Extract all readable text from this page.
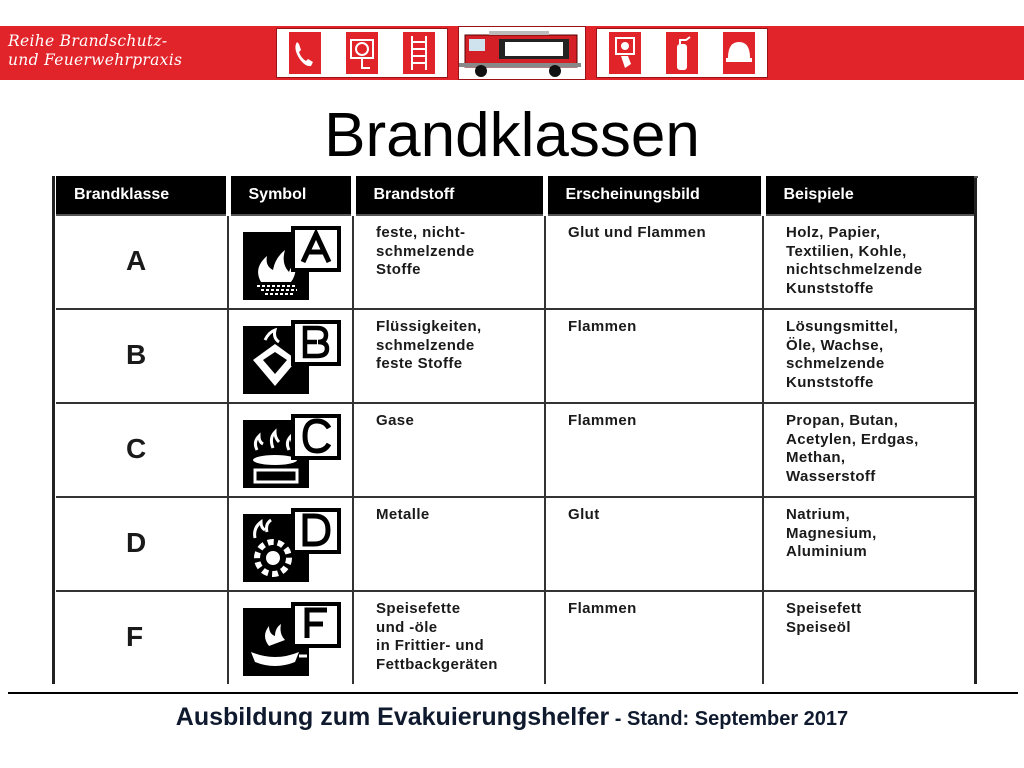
Reihe Brandschutz-
und Feuerwehrpraxis
Brandklassen
Brandklasse	Symbol	Brandstoff	Erscheinungsbild	Beispiele

A		feste, nicht-
schmelzende
Stoffe	Glut und Flammen	Holz, Papier,
Textilien, Kohle,
nichtschmelzende
Kunststoffe

B		Flüssigkeiten,
schmelzende
feste Stoffe	Flammen	Lösungsmittel,
Öle, Wachse,
schmelzende
Kunststoffe

C		Gase	Flammen	Propan, Butan,
Acetylen, Erdgas,
Methan,
Wasserstoff

D		Metalle	Glut	Natrium,
Magnesium,
Aluminium

F		Speisefette
und -öle
in Frittier- und
Fettbackgeräten	Flammen	Speisefett
Speiseöl
Ausbildung zum Evakuierungshelfer - Stand: September 2017
